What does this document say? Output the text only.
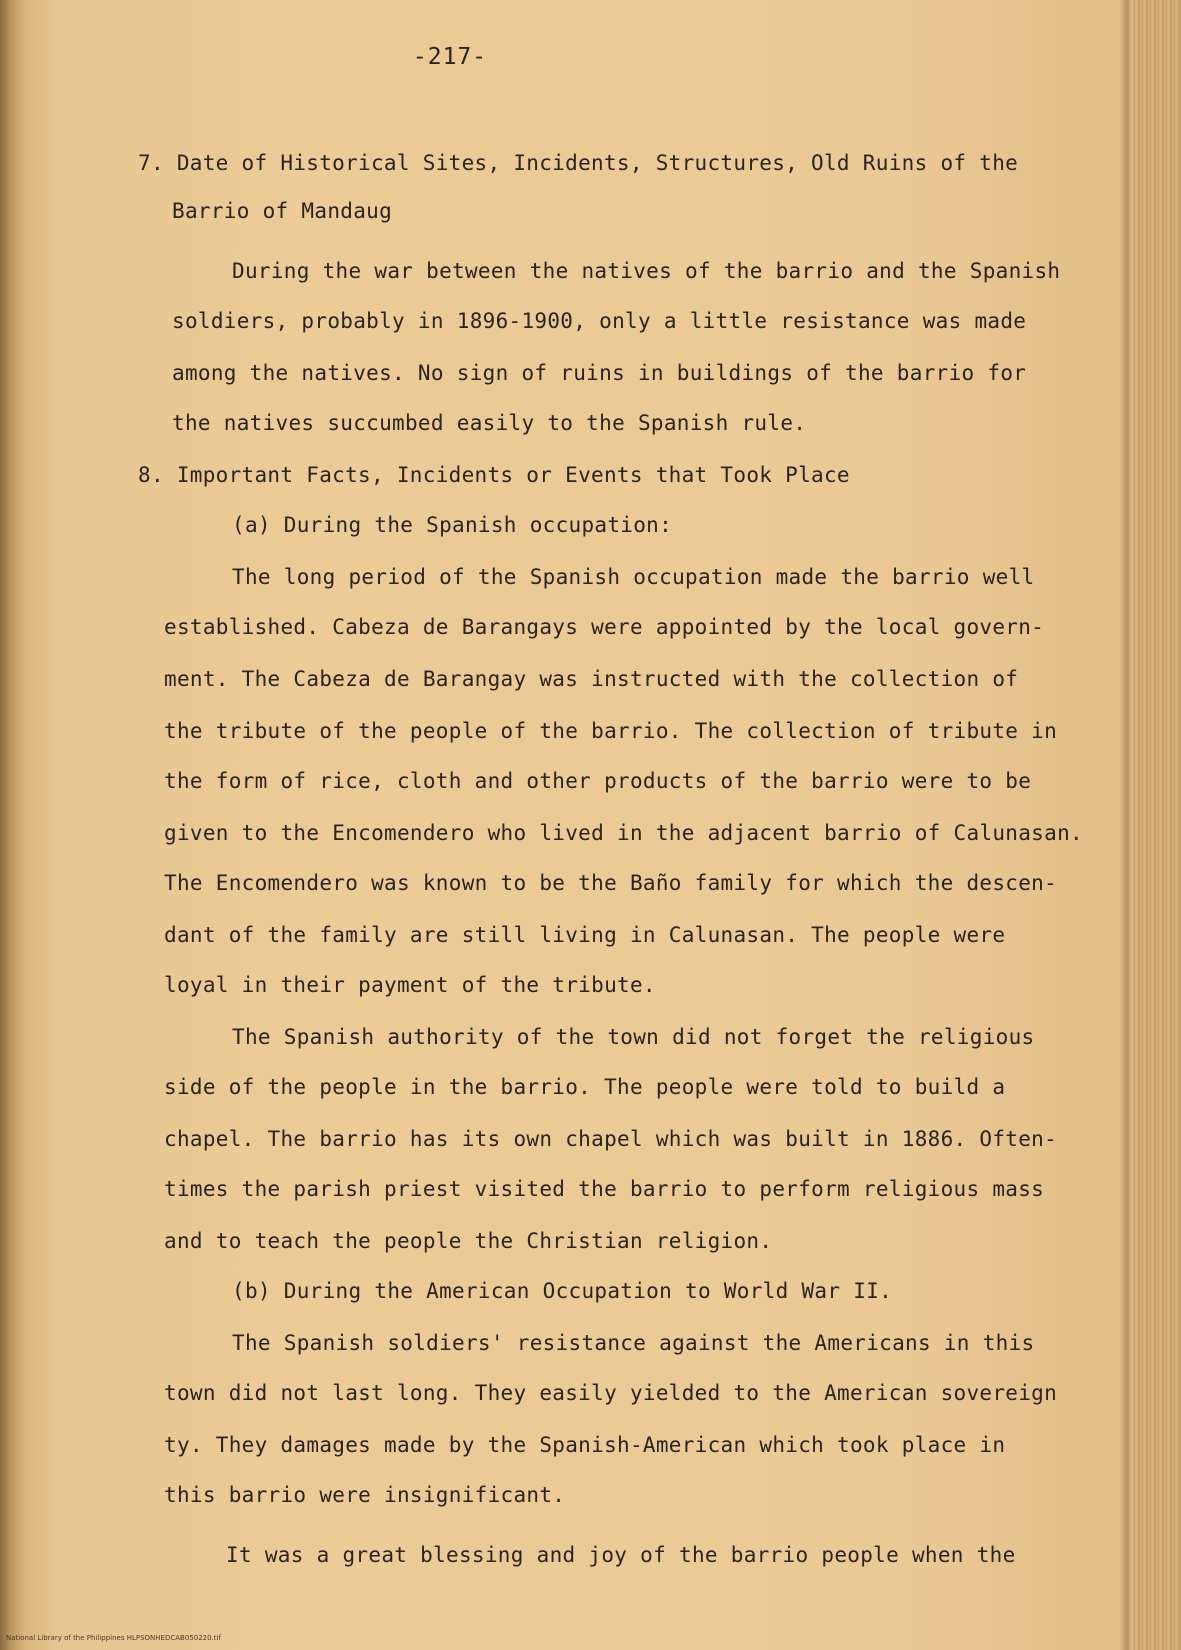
-217-
7. Date of Historical Sites, Incidents, Structures, Old Ruins of the
Barrio of Mandaug
During the war between the natives of the barrio and the Spanish
soldiers, probably in 1896-1900, only a little resistance was made
among the natives. No sign of ruins in buildings of the barrio for
the natives succumbed easily to the Spanish rule.
8. Important Facts, Incidents or Events that Took Place
(a) During the Spanish occupation:
The long period of the Spanish occupation made the barrio well
established. Cabeza de Barangays were appointed by the local govern-
ment. The Cabeza de Barangay was instructed with the collection of
the tribute of the people of the barrio. The collection of tribute in
the form of rice, cloth and other products of the barrio were to be
given to the Encomendero who lived in the adjacent barrio of Calunasan.
The Encomendero was known to be the Baño family for which the descen-
dant of the family are still living in Calunasan. The people were
loyal in their payment of the tribute.
The Spanish authority of the town did not forget the religious
side of the people in the barrio. The people were told to build a
chapel. The barrio has its own chapel which was built in 1886. Often-
times the parish priest visited the barrio to perform religious mass
and to teach the people the Christian religion.
(b) During the American Occupation to World War II.
The Spanish soldiers' resistance against the Americans in this
town did not last long. They easily yielded to the American sovereign
ty. They damages made by the Spanish-American which took place in
this barrio were insignificant.
It was a great blessing and joy of the barrio people when the
National Library of the Philippines HLPSONHEDCAB050220.tif
